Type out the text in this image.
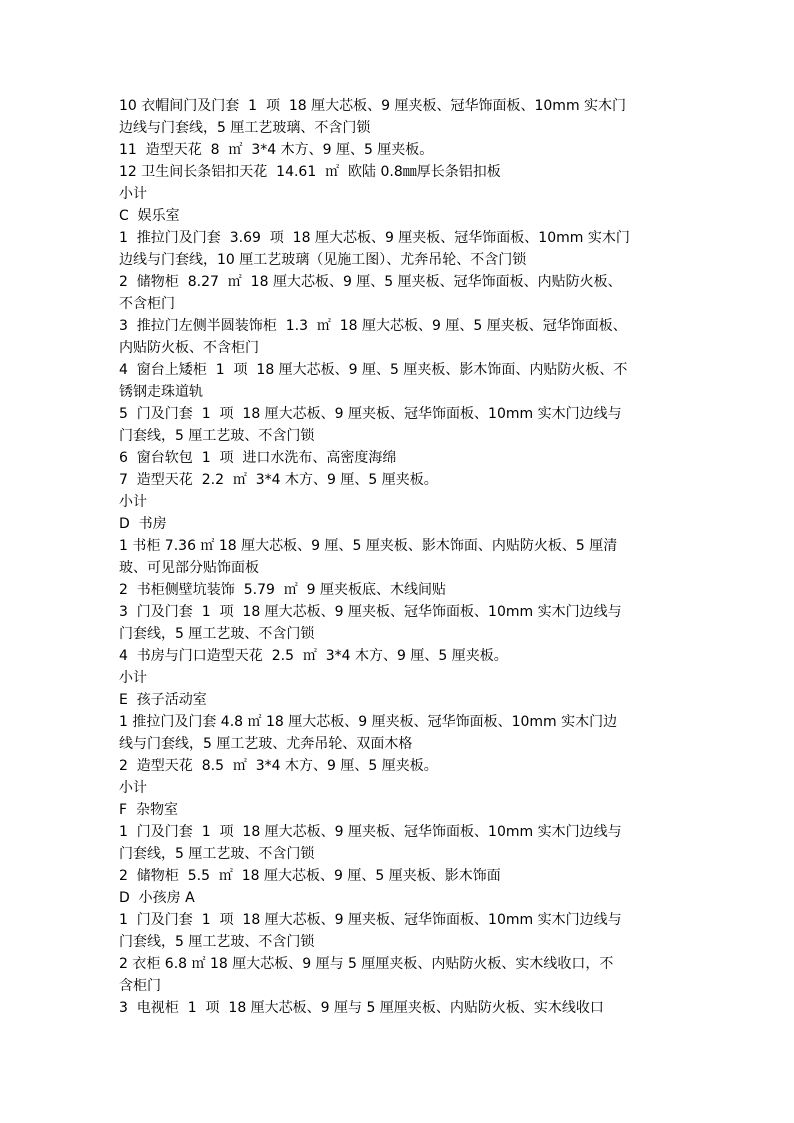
10 衣帽间门及门套  1  项  18 厘大芯板、9 厘夹板、冠华饰面板、10mm 实木门
边线与门套线，5 厘工艺玻璃、不含门锁
11  造型天花  8  ㎡  3*4 木方、9 厘、5 厘夹板。
12 卫生间长条铝扣天花  14.61  ㎡  欧陆 0.8㎜厚长条铝扣板
小计
C  娱乐室
1  推拉门及门套  3.69  项  18 厘大芯板、9 厘夹板、冠华饰面板、10mm 实木门
边线与门套线，10 厘工艺玻璃（见施工图）、尤奔吊轮、不含门锁
2  储物柜  8.27  ㎡  18 厘大芯板、9 厘、5 厘夹板、冠华饰面板、内贴防火板、
不含柜门
3  推拉门左侧半圆装饰柜  1.3  ㎡  18 厘大芯板、9 厘、5 厘夹板、冠华饰面板、
内贴防火板、不含柜门
4  窗台上矮柜  1  项  18 厘大芯板、9 厘、5 厘夹板、影木饰面、内贴防火板、不
锈钢走珠道轨
5  门及门套  1  项  18 厘大芯板、9 厘夹板、冠华饰面板、10mm 实木门边线与
门套线，5 厘工艺玻、不含门锁
6  窗台软包  1  项  进口水洗布、高密度海绵
7  造型天花  2.2  ㎡  3*4 木方、9 厘、5 厘夹板。
小计
D  书房
1 书柜 7.36 ㎡ 18 厘大芯板、9 厘、5 厘夹板、影木饰面、内贴防火板、5 厘清
玻、可见部分贴饰面板
2  书柜侧壁坑装饰  5.79  ㎡  9 厘夹板底、木线间贴
3  门及门套  1  项  18 厘大芯板、9 厘夹板、冠华饰面板、10mm 实木门边线与
门套线，5 厘工艺玻、不含门锁
4  书房与门口造型天花  2.5  ㎡  3*4 木方、9 厘、5 厘夹板。
小计
E  孩子活动室
1 推拉门及门套 4.8 ㎡ 18 厘大芯板、9 厘夹板、冠华饰面板、10mm 实木门边
线与门套线，5 厘工艺玻、尤奔吊轮、双面木格
2  造型天花  8.5  ㎡  3*4 木方、9 厘、5 厘夹板。
小计
F  杂物室
1  门及门套  1  项  18 厘大芯板、9 厘夹板、冠华饰面板、10mm 实木门边线与
门套线，5 厘工艺玻、不含门锁
2  储物柜  5.5  ㎡  18 厘大芯板、9 厘、5 厘夹板、影木饰面
D  小孩房 A
1  门及门套  1  项  18 厘大芯板、9 厘夹板、冠华饰面板、10mm 实木门边线与
门套线，5 厘工艺玻、不含门锁
2 衣柜 6.8 ㎡ 18 厘大芯板、9 厘与 5 厘厘夹板、内贴防火板、实木线收口，不
含柜门
3  电视柜  1  项  18 厘大芯板、9 厘与 5 厘厘夹板、内贴防火板、实木线收口
